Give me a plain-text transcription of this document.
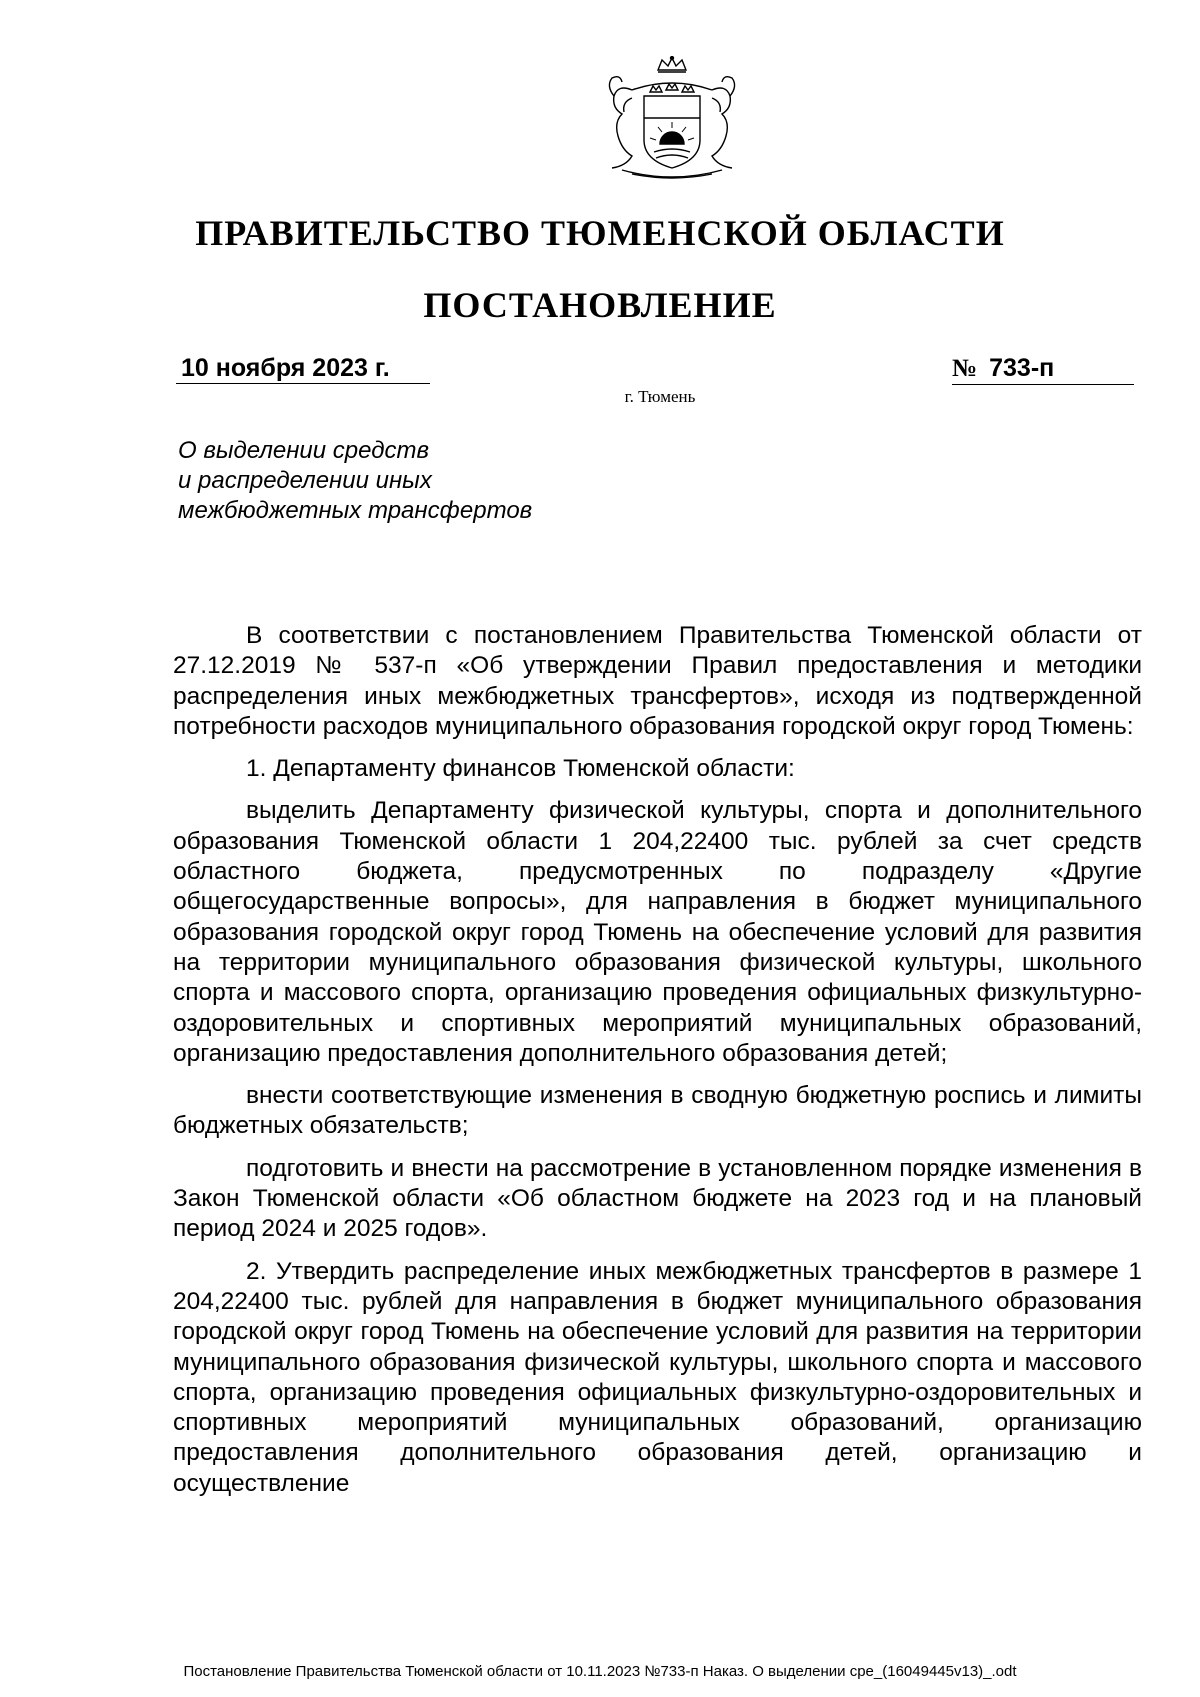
ПРАВИТЕЛЬСТВО ТЮМЕНСКОЙ ОБЛАСТИ
ПОСТАНОВЛЕНИЕ
10 ноября 2023 г.	№ 733-п
г. Тюмень
О выделении средств
и распределении иных
межбюджетных трансфертов

В соответствии с постановлением Правительства Тюменской области от 27.12.2019 № 537-п «Об утверждении Правил предоставления и методики распределения иных межбюджетных трансфертов», исходя из подтвержденной потребности расходов муниципального образования городской округ город Тюмень:

1. Департаменту финансов Тюменской области:

выделить Департаменту физической культуры, спорта и дополнительного образования Тюменской области 1 204,22400 тыс. рублей за счет средств областного бюджета, предусмотренных по подразделу «Другие общегосударственные вопросы», для направления в бюджет муниципального образования городской округ город Тюмень на обеспечение условий для развития на территории муниципального образования физической культуры, школьного спорта и массового спорта, организацию проведения официальных физкультурно-оздоровительных и спортивных мероприятий муниципальных образований, организацию предоставления дополнительного образования детей;

внести соответствующие изменения в сводную бюджетную роспись и лимиты бюджетных обязательств;

подготовить и внести на рассмотрение в установленном порядке изменения в Закон Тюменской области «Об областном бюджете на 2023 год и на плановый период 2024 и 2025 годов».

2. Утвердить распределение иных межбюджетных трансфертов в размере 1 204,22400 тыс. рублей для направления в бюджет муниципального образования городской округ город Тюмень на обеспечение условий для развития на территории муниципального образования физической культуры, школьного спорта и массового спорта, организацию проведения официальных физкультурно-оздоровительных и спортивных мероприятий муниципальных образований, организацию предоставления дополнительного образования детей, организацию и осуществление

Постановление Правительства Тюменской области от 10.11.2023 №733-п Наказ. О выделении сре_(16049445v13)_.odt
